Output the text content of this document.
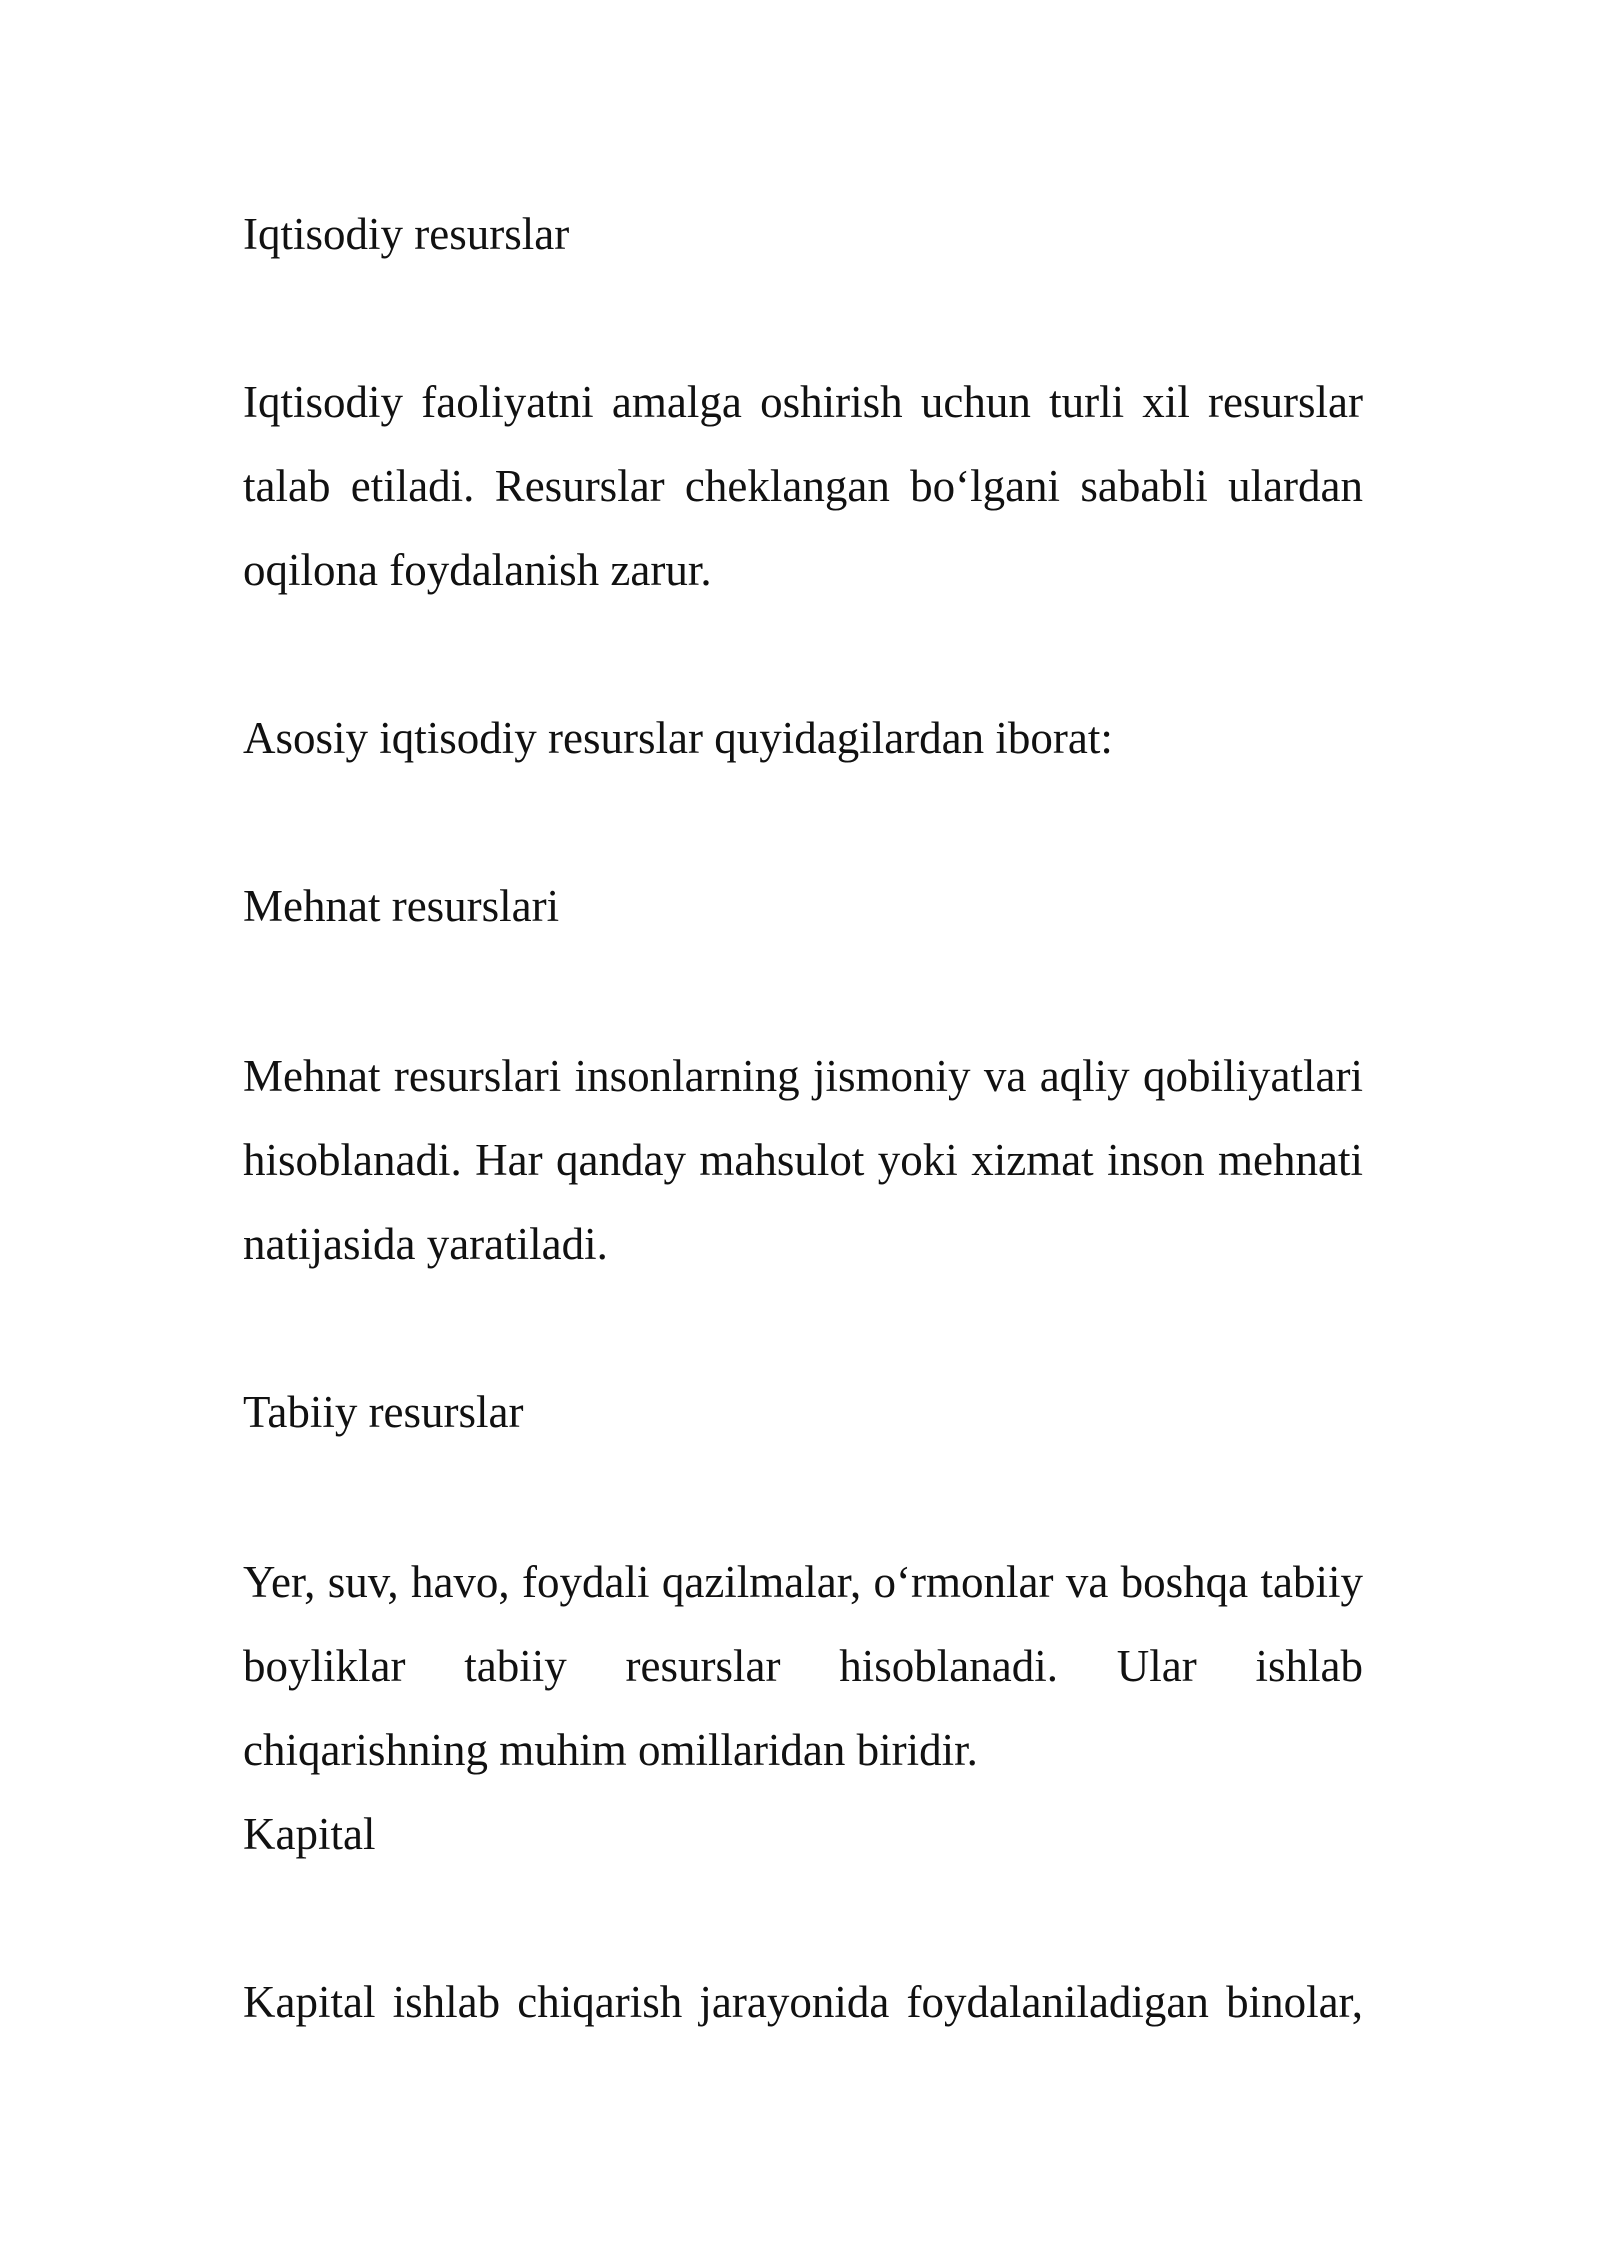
Iqtisodiy resurslar

Iqtisodiy faoliyatni amalga oshirish uchun turli xil resurslar

talab etiladi. Resurslar cheklangan bo‘lgani sababli ulardan

oqilona foydalanish zarur.

Asosiy iqtisodiy resurslar quyidagilardan iborat:

Mehnat resurslari

Mehnat resurslari insonlarning jismoniy va aqliy qobiliyatlari

hisoblanadi. Har qanday mahsulot yoki xizmat inson mehnati

natijasida yaratiladi.

Tabiiy resurslar

Yer, suv, havo, foydali qazilmalar, o‘rmonlar va boshqa tabiiy

boyliklar tabiiy resurslar hisoblanadi. Ular ishlab

chiqarishning muhim omillaridan biridir.

Kapital

Kapital ishlab chiqarish jarayonida foydalaniladigan binolar,
